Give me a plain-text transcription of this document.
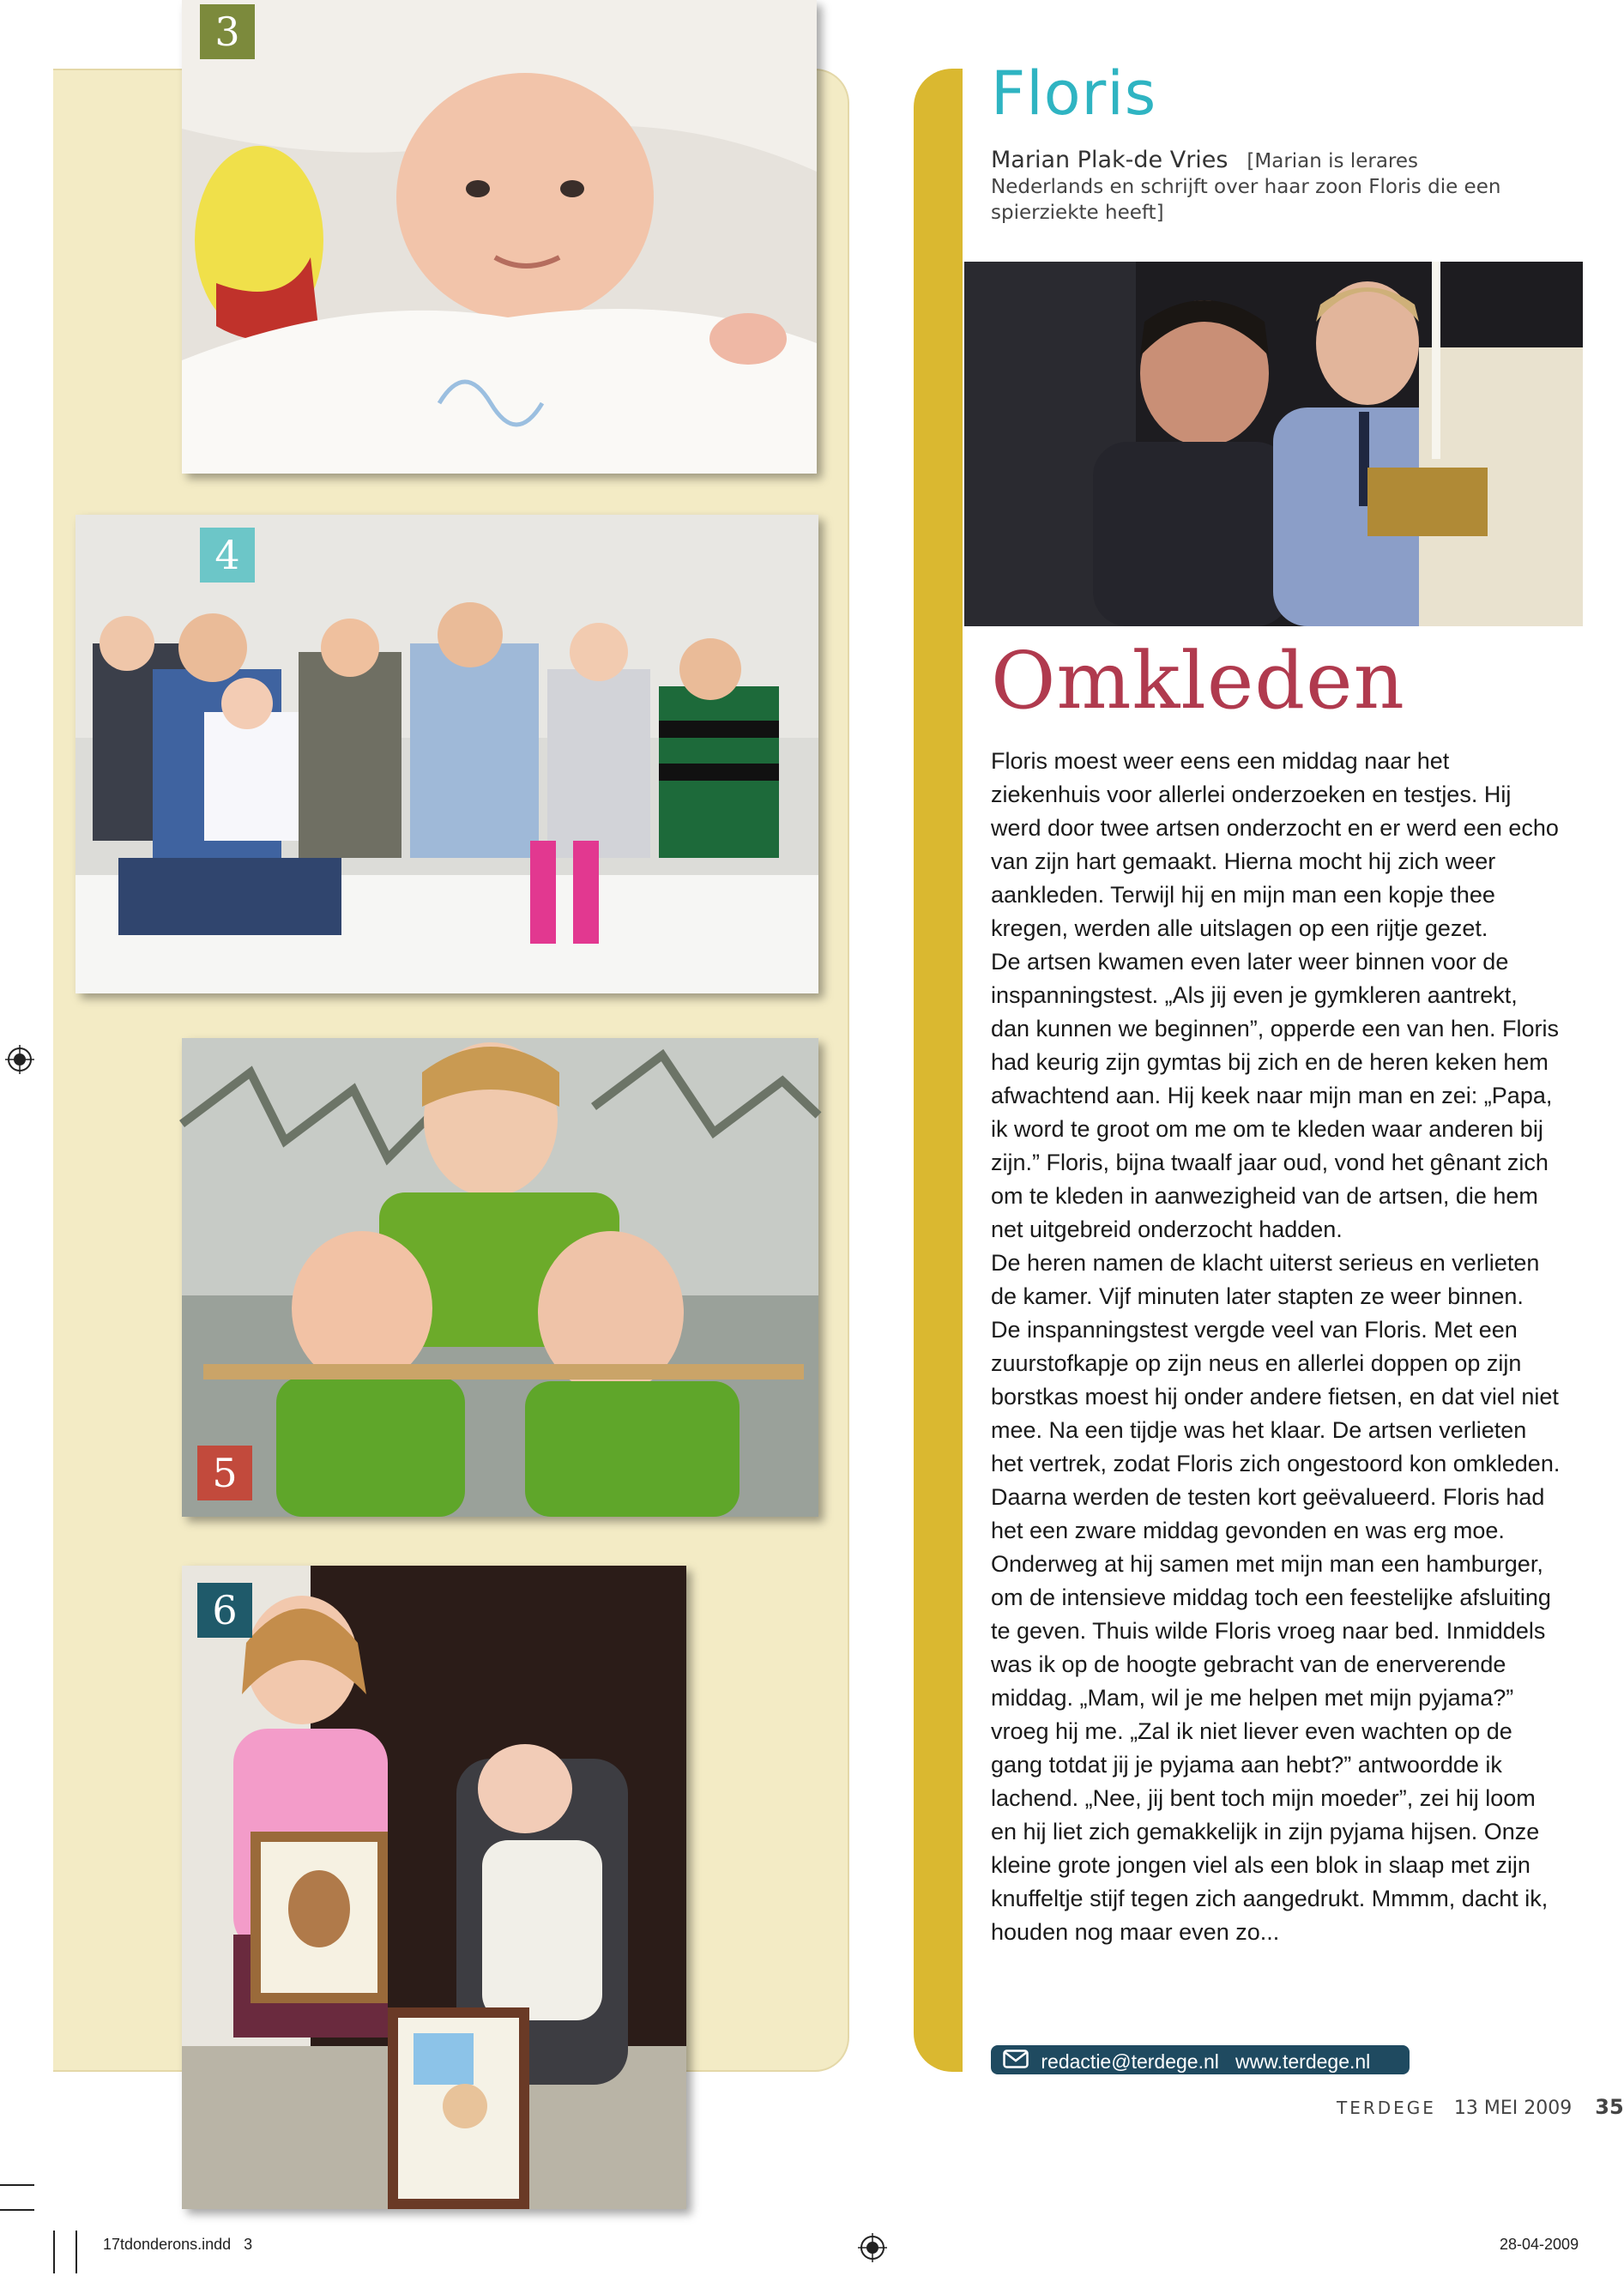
3
4
5
6
Floris
Marian Plak-de Vries [Marian is lerares Nederlands en schrijft over haar zoon Floris die een spierziekte heeft]
Omkleden

Floris moest weer eens een middag naar het ziekenhuis voor allerlei onderzoeken en testjes. Hij werd door twee artsen onderzocht en er werd een echo van zijn hart gemaakt. Hierna mocht hij zich weer aankleden. Terwijl hij en mijn man een kopje thee kregen, werden alle uitslagen op een rijtje gezet.

De artsen kwamen even later weer binnen voor de inspanningstest. „Als jij even je gymkleren aantrekt, dan kunnen we beginnen”, opperde een van hen. Floris had keurig zijn gymtas bij zich en de heren keken hem afwachtend aan. Hij keek naar mijn man en zei: „Papa, ik word te groot om me om te kleden waar anderen bij zijn.” Floris, bijna twaalf jaar oud, vond het gênant zich om te kleden in aanwezigheid van de artsen, die hem net uitgebreid onderzocht hadden.

De heren namen de klacht uiterst serieus en verlieten de kamer. Vijf minuten later stapten ze weer binnen.

De inspanningstest vergde veel van Floris. Met een zuurstofkapje op zijn neus en allerlei doppen op zijn borstkas moest hij onder andere fietsen, en dat viel niet mee. Na een tijdje was het klaar. De artsen verlieten het vertrek, zodat Floris zich ongestoord kon omkleden. Daarna werden de testen kort geëvalueerd. Floris had het een zware middag gevonden en was erg moe.

Onderweg at hij samen met mijn man een hamburger, om de intensieve middag toch een feestelijke afsluiting te geven. Thuis wilde Floris vroeg naar bed. Inmiddels was ik op de hoogte gebracht van de enerverende middag. „Mam, wil je me helpen met mijn pyjama?” vroeg hij me. „Zal ik niet liever even wachten op de gang totdat jij je pyjama aan hebt?” antwoordde ik lachend. „Nee, jij bent toch mijn moeder”, zei hij loom en hij liet zich gemakkelijk in zijn pyjama hijsen. Onze kleine grote jongen viel als een blok in slaap met zijn knuffeltje stijf tegen zich aangedrukt. Mmmm, dacht ik, houden nog maar even zo...

redactie@terdege.nl www.terdege.nl
TERDEGE 13 MEI 2009 35
17tdonderons.indd   3	28-04-2009
